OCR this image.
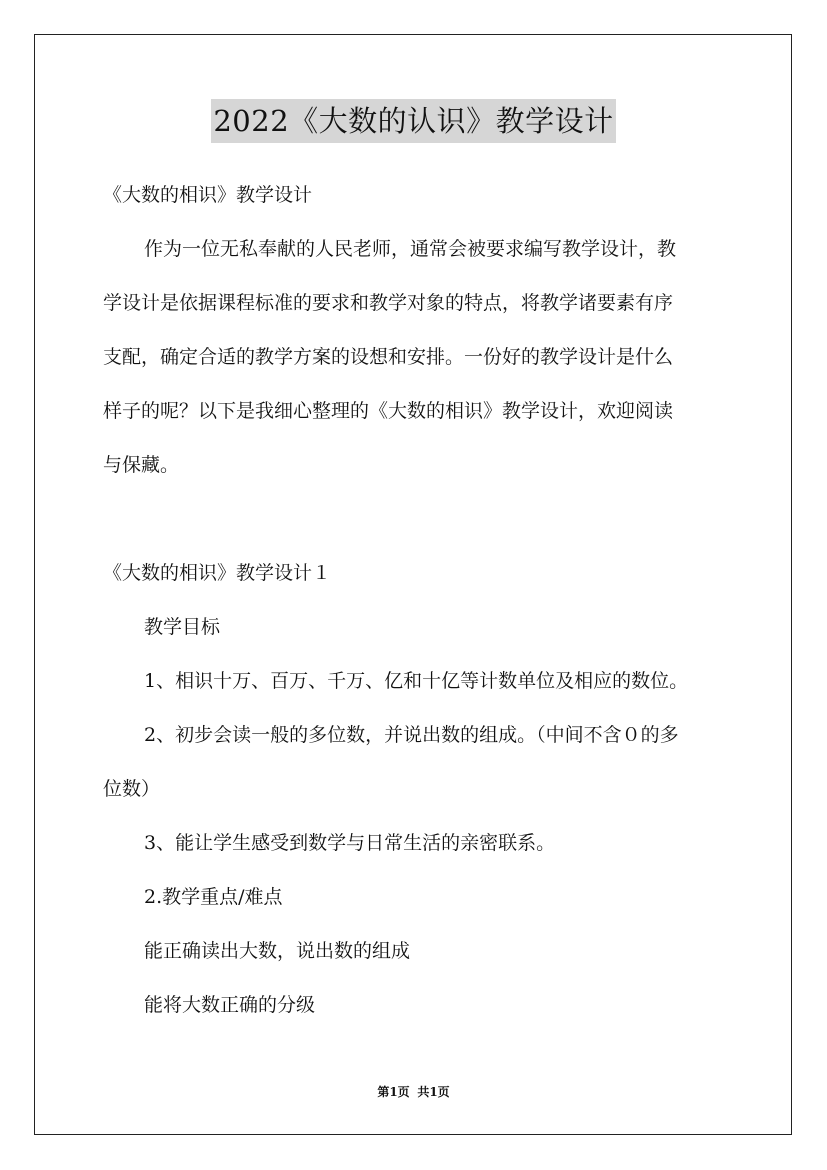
2022《大数的认识》教学设计
《大数的相识》教学设计
作为一位无私奉献的人民老师，通常会被要求编写教学设计，教
学设计是依据课程标准的要求和教学对象的特点，将教学诸要素有序
支配，确定合适的教学方案的设想和安排。一份好的教学设计是什么
样子的呢？以下是我细心整理的《大数的相识》教学设计，欢迎阅读
与保藏。
《大数的相识》教学设计１
教学目标
1、相识十万、百万、千万、亿和十亿等计数单位及相应的数位。
2、初步会读一般的多位数，并说出数的组成。（中间不含０的多
位数）
3、能让学生感受到数学与日常生活的亲密联系。
2.教学重点/难点
能正确读出大数，说出数的组成
能将大数正确的分级
第1页 共1页
